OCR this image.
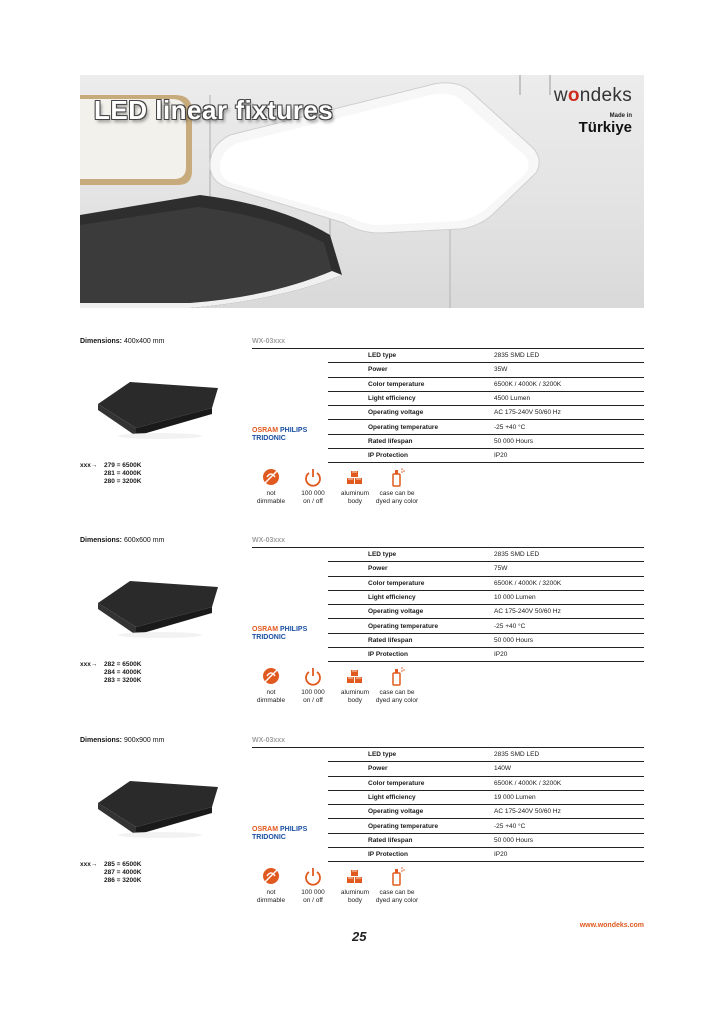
LED linear fixtures	wondeks
Made in
Türkiye
Dimensions: 400x400 mm
xxx→ 279 = 6500K
281 = 4000K
280 = 3200K
WX-03xxx
LED type	2835 SMD LED
Power	35W
Color temperature	6500K / 4000K / 3200K
Light efficiency	4500 Lumen
Operating voltage	AC 175-240V 50/60 Hz
Operating temperature	-25 +40 °C
Rated lifespan	50 000 Hours
IP Protection	IP20
OSRAM PHILIPS
TRIDONIC
not
dimmable
100 000
on / off
aluminum
body
case can be
dyed any color
Dimensions: 600x600 mm
xxx→ 282 = 6500K
284 = 4000K
283 = 3200K
WX-03xxx
LED type	2835 SMD LED
Power	75W
Color temperature	6500K / 4000K / 3200K
Light efficiency	10 000 Lumen
Operating voltage	AC 175-240V 50/60 Hz
Operating temperature	-25 +40 °C
Rated lifespan	50 000 Hours
IP Protection	IP20
OSRAM PHILIPS
TRIDONIC
not
dimmable
100 000
on / off
aluminum
body
case can be
dyed any color
Dimensions: 900x900 mm
xxx→ 285 = 6500K
287 = 4000K
286 = 3200K
WX-03xxx
LED type	2835 SMD LED
Power	140W
Color temperature	6500K / 4000K / 3200K
Light efficiency	19 000 Lumen
Operating voltage	AC 175-240V 50/60 Hz
Operating temperature	-25 +40 °C
Rated lifespan	50 000 Hours
IP Protection	IP20
OSRAM PHILIPS
TRIDONIC
not
dimmable
100 000
on / off
aluminum
body
case can be
dyed any color
25
www.wondeks.com
